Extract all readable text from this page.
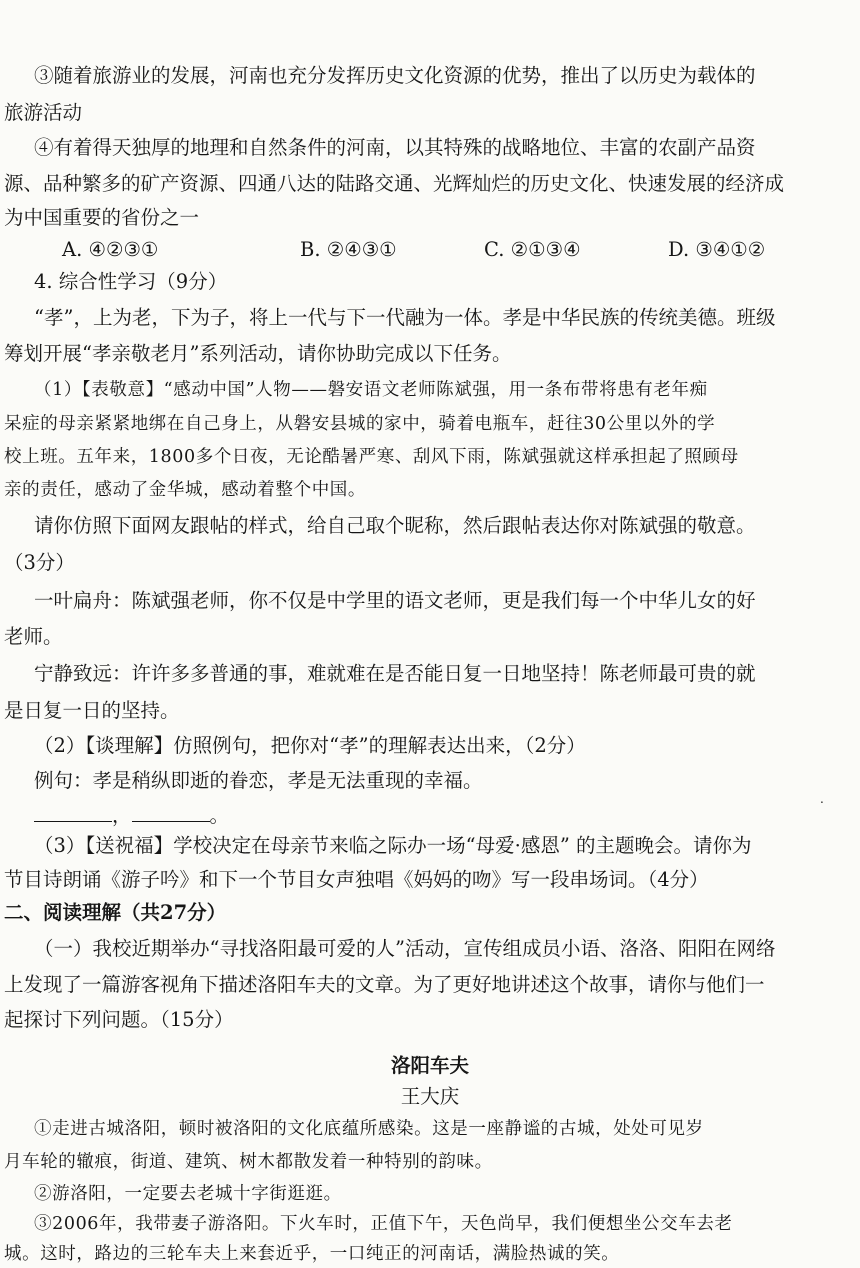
③随着旅游业的发展，河南也充分发挥历史文化资源的优势，推出了以历史为载体的
旅游活动
④有着得天独厚的地理和自然条件的河南，以其特殊的战略地位、丰富的农副产品资
源、品种繁多的矿产资源、四通八达的陆路交通、光辉灿烂的历史文化、快速发展的经济成
为中国重要的省份之一
A. ④②③①	B. ②④③①	C. ②①③④	D. ③④①②
4. 综合性学习（9分）
“孝”，上为老，下为子，将上一代与下一代融为一体。孝是中华民族的传统美德。班级
筹划开展“孝亲敬老月”系列活动，请你协助完成以下任务。
（1）【表敬意】“感动中国”人物——磐安语文老师陈斌强，用一条布带将患有老年痴
呆症的母亲紧紧地绑在自己身上，从磐安县城的家中，骑着电瓶车，赶往30公里以外的学
校上班。五年来，1800多个日夜，无论酷暑严寒、刮风下雨，陈斌强就这样承担起了照顾母
亲的责任，感动了金华城，感动着整个中国。
请你仿照下面网友跟帖的样式，给自己取个昵称，然后跟帖表达你对陈斌强的敬意。
（3分）
一叶扁舟：陈斌强老师，你不仅是中学里的语文老师，更是我们每一个中华儿女的好
老师。
宁静致远：许许多多普通的事，难就难在是否能日复一日地坚持！陈老师最可贵的就
是日复一日的坚持。
（2）【谈理解】仿照例句，把你对“孝”的理解表达出来，（2分）
例句：孝是稍纵即逝的眷恋，孝是无法重现的幸福。
，	。
.
（3）【送祝福】学校决定在母亲节来临之际办一场“母爱·感恩” 的主题晚会。请你为
节目诗朗诵《游子吟》和下一个节目女声独唱《妈妈的吻》写一段串场词。（4分）
二、阅读理解（共27分）
（一）我校近期举办“寻找洛阳最可爱的人”活动，宣传组成员小语、洛洛、阳阳在网络
上发现了一篇游客视角下描述洛阳车夫的文章。为了更好地讲述这个故事，请你与他们一
起探讨下列问题。（15分）
洛阳车夫
王大庆
①走进古城洛阳，顿时被洛阳的文化底蕴所感染。这是一座静谧的古城，处处可见岁
月车轮的辙痕，街道、建筑、树木都散发着一种特别的韵味。
②游洛阳，一定要去老城十字街逛逛。
③2006年，我带妻子游洛阳。下火车时，正值下午，天色尚早，我们便想坐公交车去老
城。这时，路边的三轮车夫上来套近乎，一口纯正的河南话，满脸热诚的笑。
